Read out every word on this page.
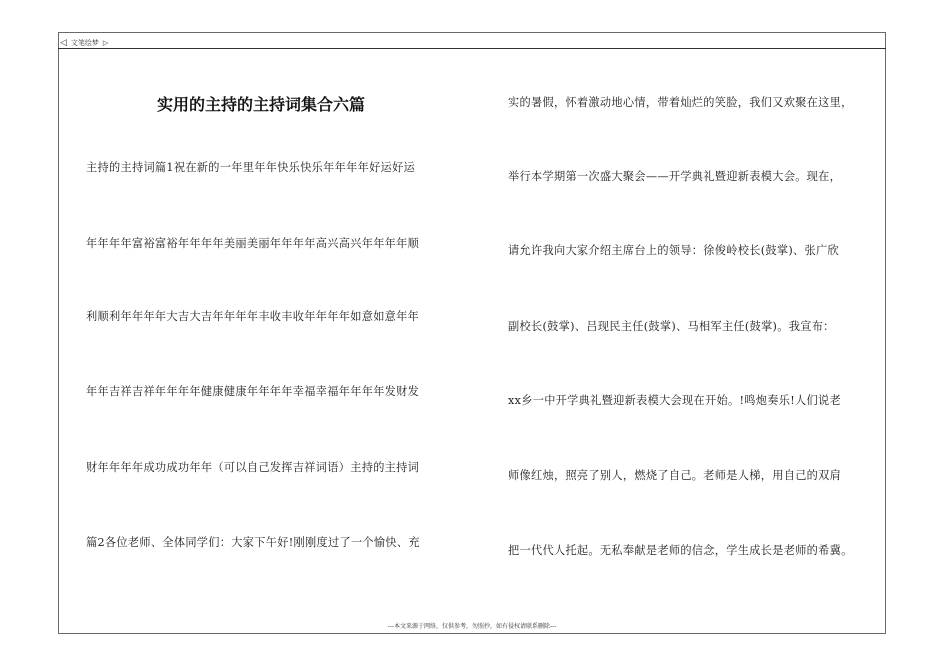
◁ 文笔绘梦 ▷
实用的主持的主持词集合六篇
主持的主持词篇1祝在新的一年里年年快乐快乐年年年年好运好运
年年年年富裕富裕年年年年美丽美丽年年年年高兴高兴年年年年顺
利顺利年年年年大吉大吉年年年年丰收丰收年年年年如意如意年年
年年吉祥吉祥年年年年健康健康年年年年幸福幸福年年年年发财发
财年年年年成功成功年年（可以自己发挥吉祥词语）主持的主持词
篇2各位老师、全体同学们：大家下午好!刚刚度过了一个愉快、充
实的暑假，怀着激动地心情，带着灿烂的笑脸，我们又欢聚在这里，
举行本学期第一次盛大聚会——开学典礼暨迎新表模大会。现在，
请允许我向大家介绍主席台上的领导：徐俊岭校长(鼓掌)、张广欣
副校长(鼓掌)、吕现民主任(鼓掌)、马相军主任(鼓掌)。我宣布：
xx乡一中开学典礼暨迎新表模大会现在开始。!鸣炮奏乐!人们说老
师像红烛，照亮了别人，燃烧了自己。老师是人梯，用自己的双肩
把一代代人托起。无私奉献是老师的信念，学生成长是老师的希冀。
---本文来源于网络，仅供参考，勿照抄，如有侵权请联系删除---
